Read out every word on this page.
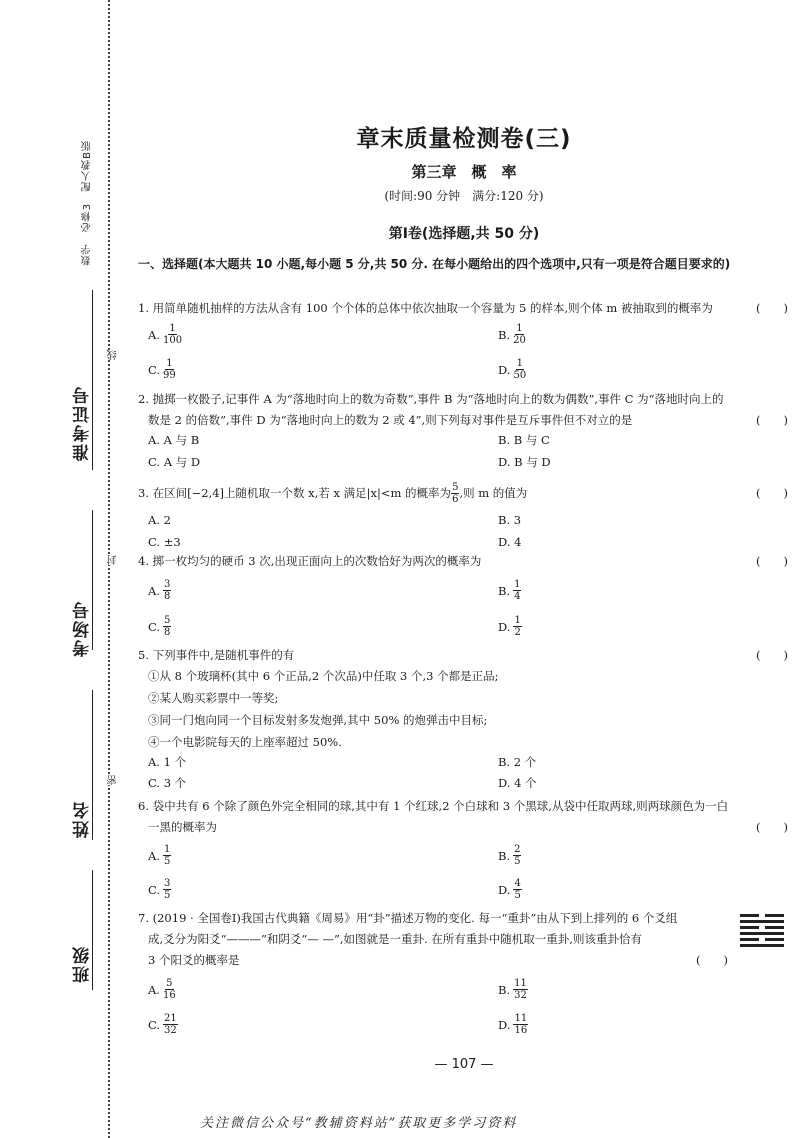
数学　必修3　配人教B版
准考证号
考场号
姓名
班级
线
封
密
章末质量检测卷(三)
第三章　概　率
(时间:90 分钟　满分:120 分)
第Ⅰ卷(选择题,共 50 分)
一、选择题(本大题共 10 小题,每小题 5 分,共 50 分. 在每小题给出的四个选项中,只有一项是符合题目要求的)
1. 用简单随机抽样的方法从含有 100 个个体的总体中依次抽取一个容量为 5 的样本,则个体 m 被抽取到的概率为	(　　)
A. $\frac{1}{100}$	B. $\frac{1}{20}$
C. $\frac{1}{99}$	D. $\frac{1}{50}$
2. 抛掷一枚骰子,记事件 A 为“落地时向上的数为奇数”,事件 B 为“落地时向上的数为偶数”,事件 C 为“落地时向上的
数是 2 的倍数”,事件 D 为“落地时向上的数为 2 或 4”,则下列每对事件是互斥事件但不对立的是	(　　)
A. A 与 B	B. B 与 C
C. A 与 D	D. B 与 D
3. 在区间[−2,4]上随机取一个数 x,若 x 满足|x|<m 的概率为 $\frac{5}{6}$ ,则 m 的值为	(　　)
A. 2	B. 3
C. ±3	D. 4
4. 掷一枚均匀的硬币 3 次,出现正面向上的次数恰好为两次的概率为	(　　)
A. $\frac{3}{8}$	B. $\frac{1}{4}$
C. $\frac{5}{8}$	D. $\frac{1}{2}$
5. 下列事件中,是随机事件的有	(　　)
①从 8 个玻璃杯(其中 6 个正品,2 个次品)中任取 3 个,3 个都是正品;
②某人购买彩票中一等奖;
③同一门炮向同一个目标发射多发炮弹,其中 50% 的炮弹击中目标;
④一个电影院每天的上座率超过 50%.
A. 1 个	B. 2 个
C. 3 个	D. 4 个
6. 袋中共有 6 个除了颜色外完全相同的球,其中有 1 个红球,2 个白球和 3 个黑球,从袋中任取两球,则两球颜色为一白
一黑的概率为	(　　)
A. $\frac{1}{5}$	B. $\frac{2}{5}$
C. $\frac{3}{5}$	D. $\frac{4}{5}$
7. (2019 · 全国卷Ⅰ)我国古代典籍《周易》用“卦”描述万物的变化. 每一“重卦”由从下到上排列的 6 个爻组
成,爻分为阳爻“———”和阴爻“— —”,如图就是一重卦. 在所有重卦中随机取一重卦,则该重卦恰有
3 个阳爻的概率是	(　　)
A. $\frac{5}{16}$	B. $\frac{11}{32}$
C. $\frac{21}{32}$	D. $\frac{11}{16}$
— 107 —
关注微信公众号“教辅资料站”获取更多学习资料
